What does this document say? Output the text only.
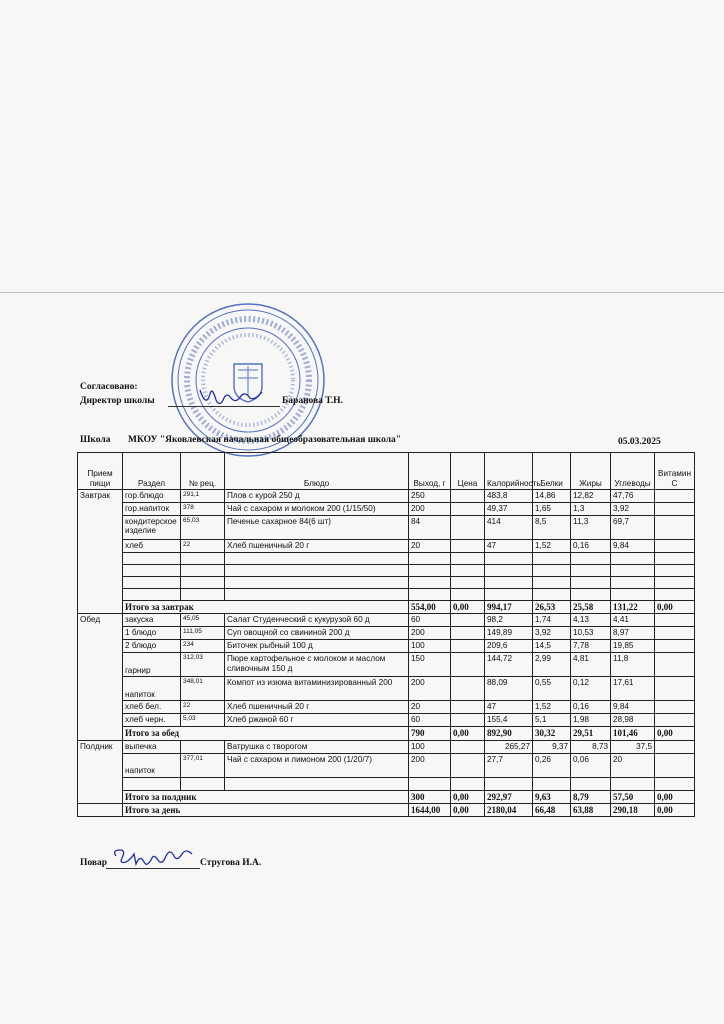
Согласовано:
Директор школы	Баранова Т.Н.
Школа МКОУ "Яковлевская начальная общеобразовательная школа"	05.03.2025
Прием пищи	Раздел	№ рец.	Блюдо	Выход, г	Цена	Калорийность	Белки	Жиры	Углеводы	Витамин С
Завтрак	гор.блюдо	291,1	Плов с курой 250 д	250		483,8	14,86	12,82	47,76	
	гор.напиток	378	Чай с сахаром и молоком 200 (1/15/50)	200		49,37	1,65	1,3	3,92	
	кондитерское изделие	65,03	Печенье сахарное 84(6 шт)	84		414	8,5	11,3	69,7	
	хлеб	22	Хлеб пшеничный 20 г	20		47	1,52	0,16	9,84	

	Итого за завтрак			554,00	0,00	994,17	26,53	25,58	131,22	0,00
Обед	закуска	45,05	Салат Студенческий с кукурузой 60 д	60		98,2	1,74	4,13	4,41	
	1 блюдо	111,05	Суп овощной со свининой 200 д	200		149,89	3,92	10,53	8,97	
	2 блюдо	234	Биточек рыбный 100 д	100		209,6	14,5	7,78	19,85	
	гарнир	312,03	Пюре картофельное с молоком и маслом сливочным 150 д	150		144,72	2,99	4,81	11,8	
	напиток	348,01	Компот из изюма витаминизированный 200	200		88,09	0,55	0,12	17,61	
	хлеб бел.	22	Хлеб пшеничный 20 г	20		47	1,52	0,16	9,84	
	хлеб черн.	5,03	Хлеб ржаной 60 г	60		155,4	5,1	1,98	28,98	
	Итого за обед			790	0,00	892,90	30,32	29,51	101,46	0,00
Полдник	выпечка		Ватрушка с творогом	100		265,27	9,37	8,73	37,5	
	напиток	377,01	Чай с сахаром и лимоном 200 (1/20/7)	200		27,7	0,26	0,06	20	

	Итого за полдник			300	0,00	292,97	9,63	8,79	57,50	0,00
	Итого за день			1644,00	0,00	2180,04	66,48	63,88	290,18	0,00
Повар	Стругова И.А.
